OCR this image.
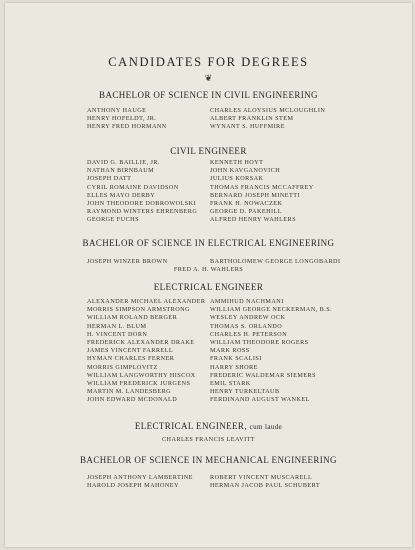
CANDIDATES FOR DEGREES
❦
BACHELOR OF SCIENCE IN CIVIL ENGINEERING
ANTHONY HAUGE
HENRY HOFELDT, JR.
HENRY FRED HORMANN
CHARLES ALOYSIUS MCLOUGHLIN
ALBERT FRANKLIN STEM
WYNANT S. HUFFMIRE
CIVIL ENGINEER
DAVID G. BAILLIE, JR.
NATHAN BIRNBAUM
JOSEPH DATT
CYRIL ROMAINE DAVIDSON
ELLES MAYO DERBY
JOHN THEODORE DOBROWOLSKI
RAYMOND WINTERS EHRENBERG
GEORGE FUCHS
KENNETH HOYT
JOHN KAVGANOVICH
JULIUS KORSAK
THOMAS FRANCIS MCCAFFREY
BERNARD JOSEPH MINETTI
FRANK H. NOWACZEK
GEORGE D. PAKEHILL
ALFRED HENRY WAHLERS
BACHELOR OF SCIENCE IN ELECTRICAL ENGINEERING
JOSEPH WINZER BROWN	BARTHOLOMEW GEORGE LONGOBARDI
FRED A. H. WAHLERS
ELECTRICAL ENGINEER
ALEXANDER MICHAEL ALEXANDER
MORRIS SIMPSON ARMSTRONG
WILLIAM ROLAND BERGER
HERMAN L. BLUM
H. VINCENT DORN
FREDERICK ALEXANDER DRAKE
JAMES VINCENT FARRELL
HYMAN CHARLES FERNER
MORRIS GIMPLOVITZ
WILLIAM LANGWORTHY HISCOX
WILLIAM FREDERICK JURGENS
MARTIN M. LANDESBERG
JOHN EDWARD MCDONALD
AMMIHUD NACHMANI
WILLIAM GEORGE NECKERMAN, B.S.
WESLEY ANDREW OCK
THOMAS S. ORLANDO
CHARLES H. PETERSON
WILLIAM THEODORE ROGERS
MARK ROSS
FRANK SCALISI
HARRY SHORE
FREDERIC WALDEMAR SIEMERS
EMIL STARK
HENRY TURKELTAUB
FERDINAND AUGUST WANKEL
ELECTRICAL ENGINEER, cum laude
CHARLES FRANCIS LEAVITT
BACHELOR OF SCIENCE IN MECHANICAL ENGINEERING
JOSEPH ANTHONY LAMBERTINE
HAROLD JOSEPH MAHONEY
ROBERT VINCENT MUSCARELL
HERMAN JACOB PAUL SCHUBERT
